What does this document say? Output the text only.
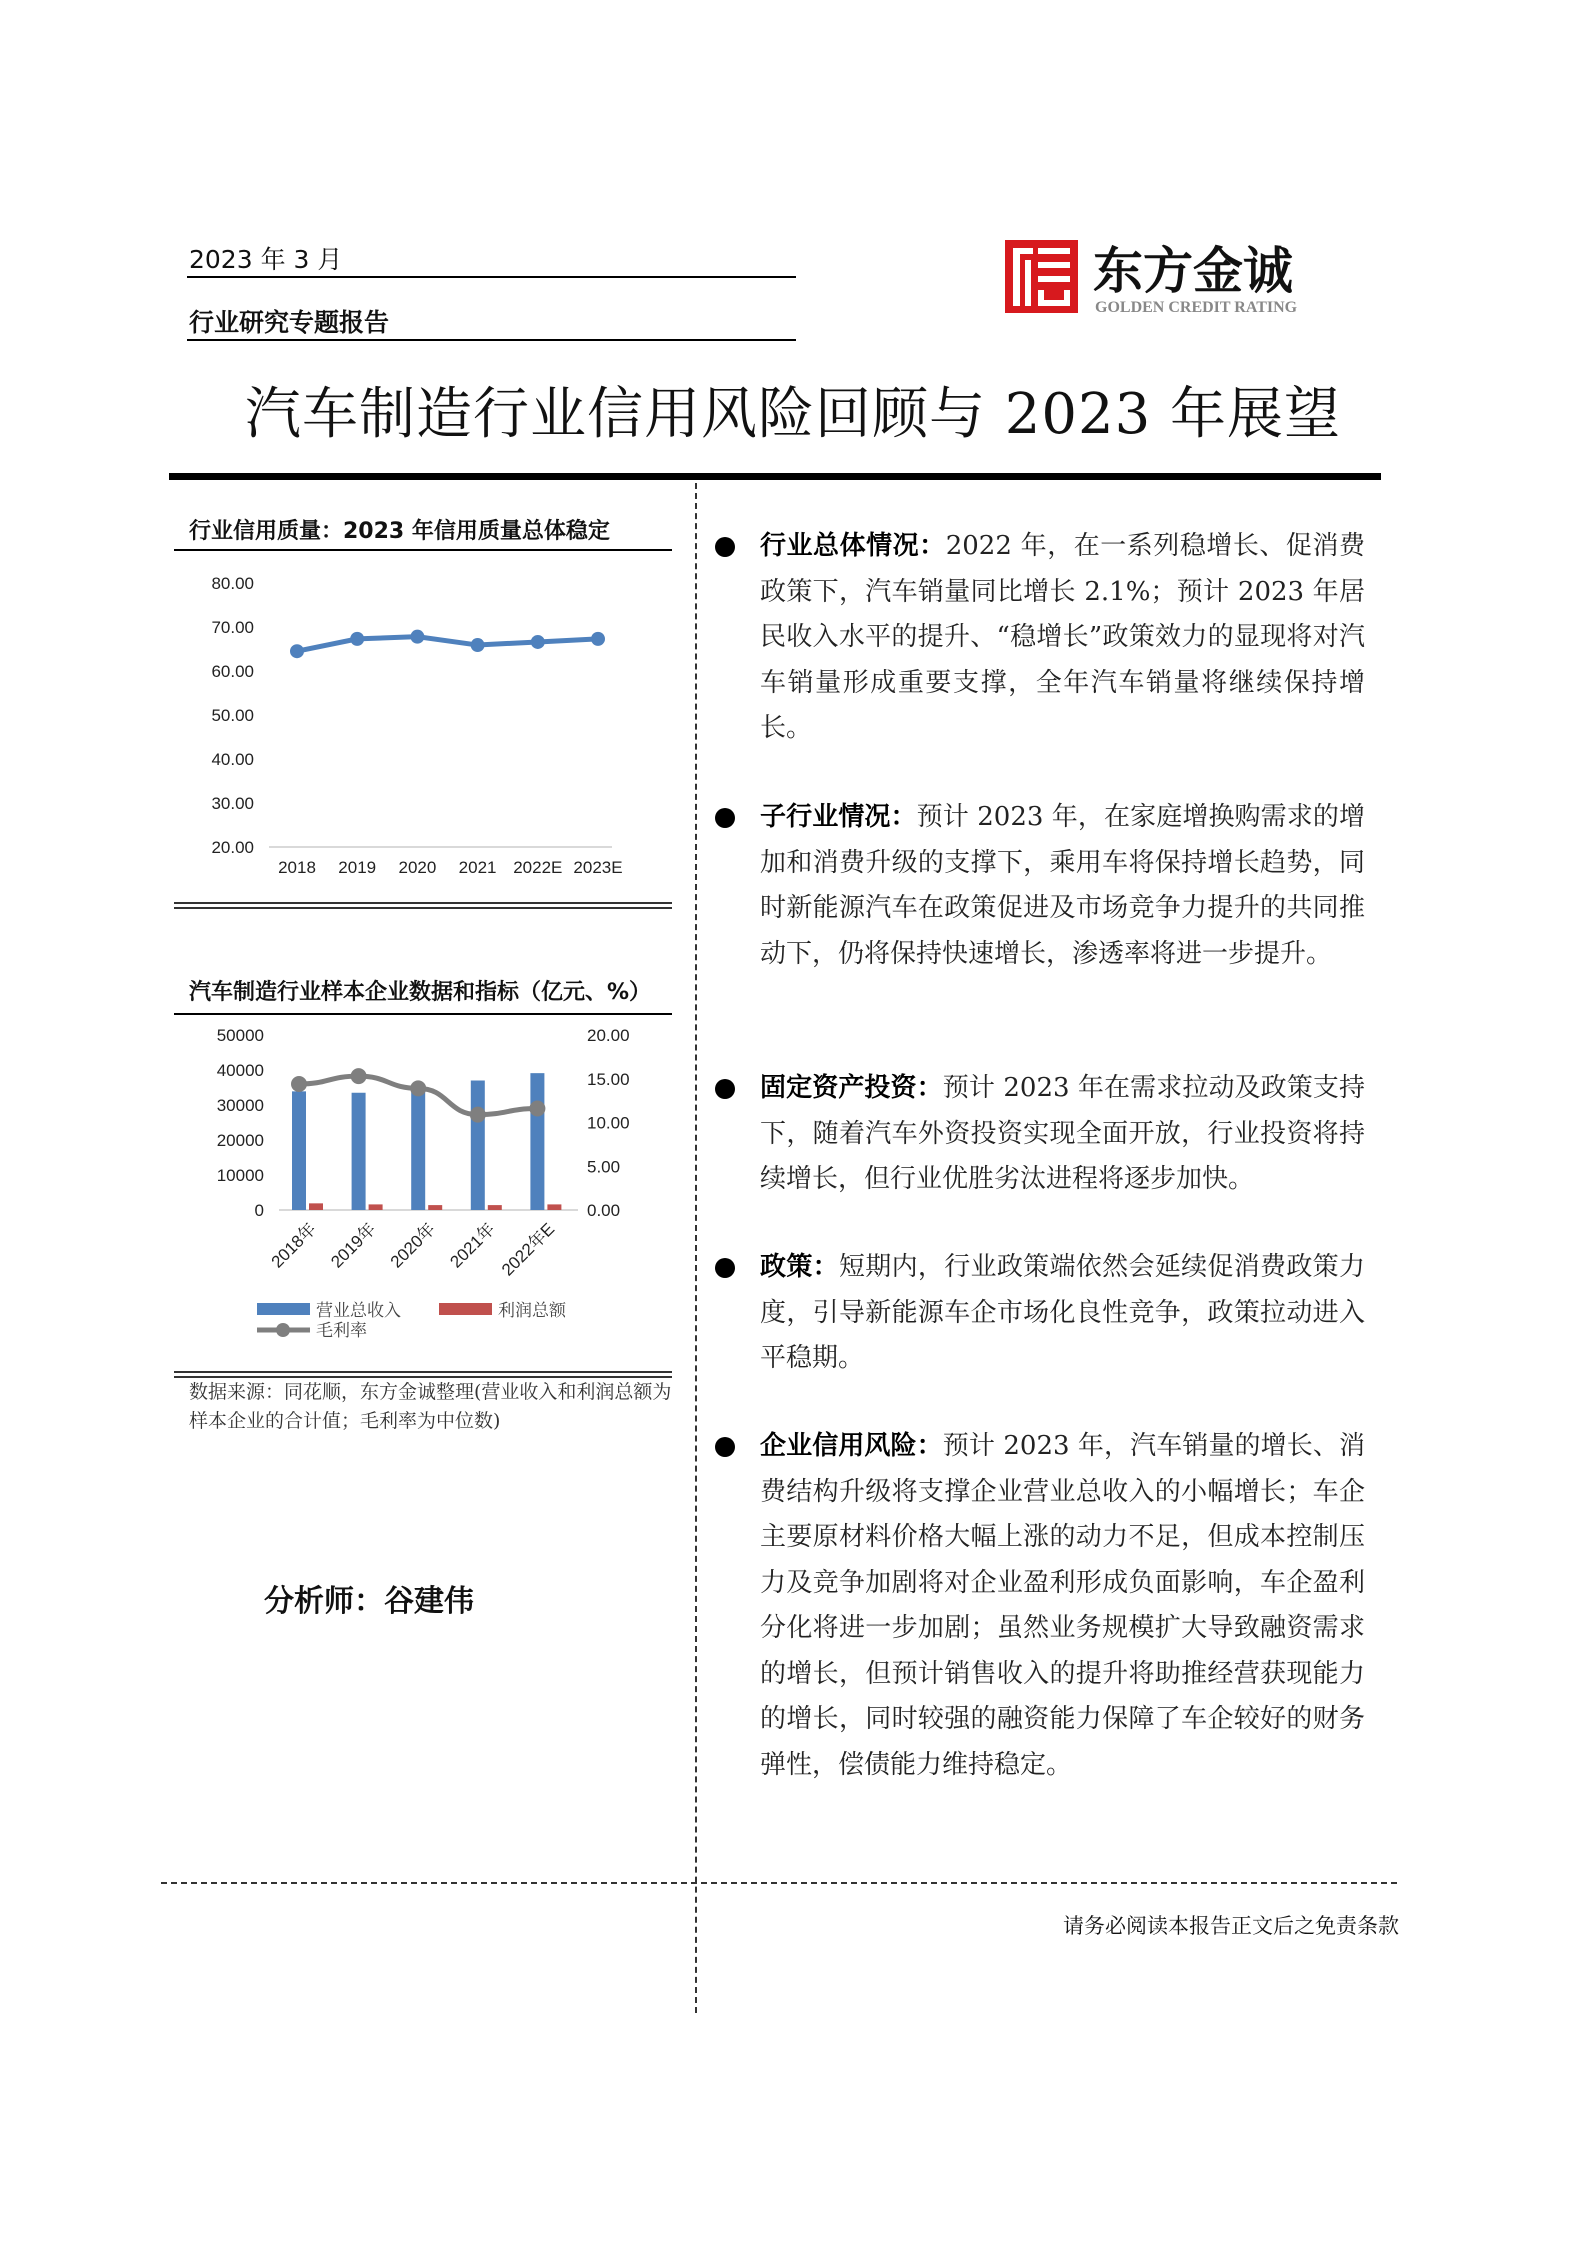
2023 年 3 月
行业研究专题报告
东方金诚
GOLDEN CREDIT RATING
汽车制造行业信用风险回顾与 2023 年展望
行业信用质量：2023 年信用质量总体稳定
80.00
70.00
60.00
50.00
40.00
30.00
20.00
2018 2019 2020 2021 2022E 2023E
汽车制造行业样本企业数据和指标（亿元、%）
50000
40000
30000
20000
10000
0
20.00
15.00
10.00
5.00
0.00
2018年 2019年 2020年 2021年 2022年E
营业总收入	利润总额
毛利率
数据来源：同花顺，东方金诚整理(营业收入和利润总额为样本企业的合计值；毛利率为中位数)
分析师：谷建伟
行业总体情况：2022 年，在一系列稳增长、促消费政策下，汽车销量同比增长 2.1%；预计 2023 年居民收入水平的提升、“稳增长”政策效力的显现将对汽车销量形成重要支撑，全年汽车销量将继续保持增长。
子行业情况：预计 2023 年，在家庭增换购需求的增加和消费升级的支撑下，乘用车将保持增长趋势，同时新能源汽车在政策促进及市场竞争力提升的共同推动下，仍将保持快速增长，渗透率将进一步提升。
固定资产投资：预计 2023 年在需求拉动及政策支持下，随着汽车外资投资实现全面开放，行业投资将持续增长，但行业优胜劣汰进程将逐步加快。
政策：短期内，行业政策端依然会延续促消费政策力度，引导新能源车企市场化良性竞争，政策拉动进入平稳期。
企业信用风险：预计 2023 年，汽车销量的增长、消费结构升级将支撑企业营业总收入的小幅增长；车企主要原材料价格大幅上涨的动力不足，但成本控制压力及竞争加剧将对企业盈利形成负面影响，车企盈利分化将进一步加剧；虽然业务规模扩大导致融资需求的增长，但预计销售收入的提升将助推经营获现能力的增长，同时较强的融资能力保障了车企较好的财务弹性，偿债能力维持稳定。
请务必阅读本报告正文后之免责条款
